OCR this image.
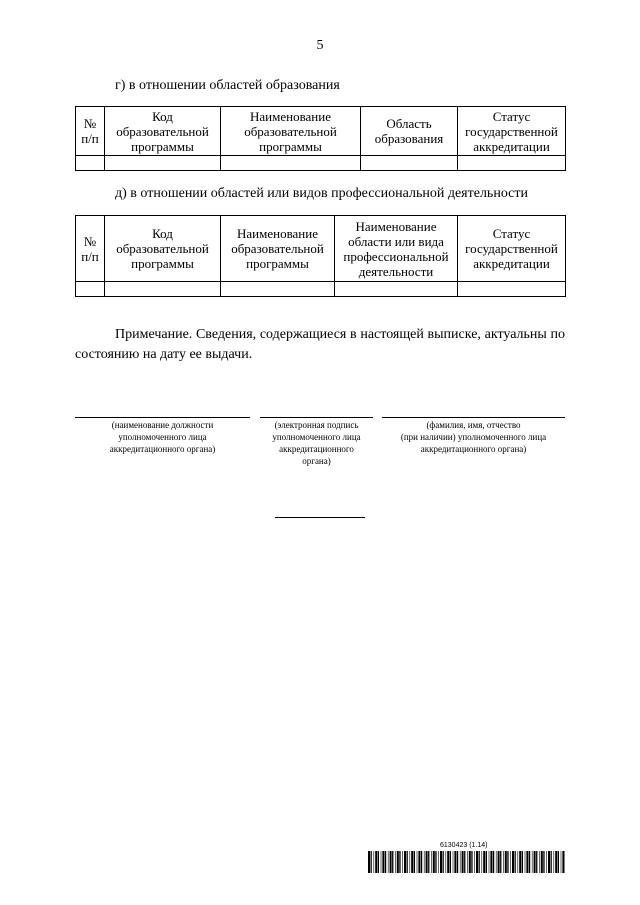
5
г) в отношении областей образования
№
п/п	Код
образовательной
программы	Наименование
образовательной
программы	Область
образования	Статус
государственной
аккредитации

д) в отношении областей или видов профессиональной деятельности
№
п/п	Код
образовательной
программы	Наименование
образовательной
программы	Наименование
области или вида
профессиональной
деятельности	Статус
государственной
аккредитации

Примечание. Сведения, содержащиеся в настоящей выписке, актуальны по состоянию на дату ее выдачи.
(наименование должности
уполномоченного лица
аккредитационного органа)
(электронная подпись
уполномоченного лица
аккредитационного
органа)
(фамилия, имя, отчество
(при наличии) уполномоченного лица
аккредитационного органа)
6130423 (1.14)
